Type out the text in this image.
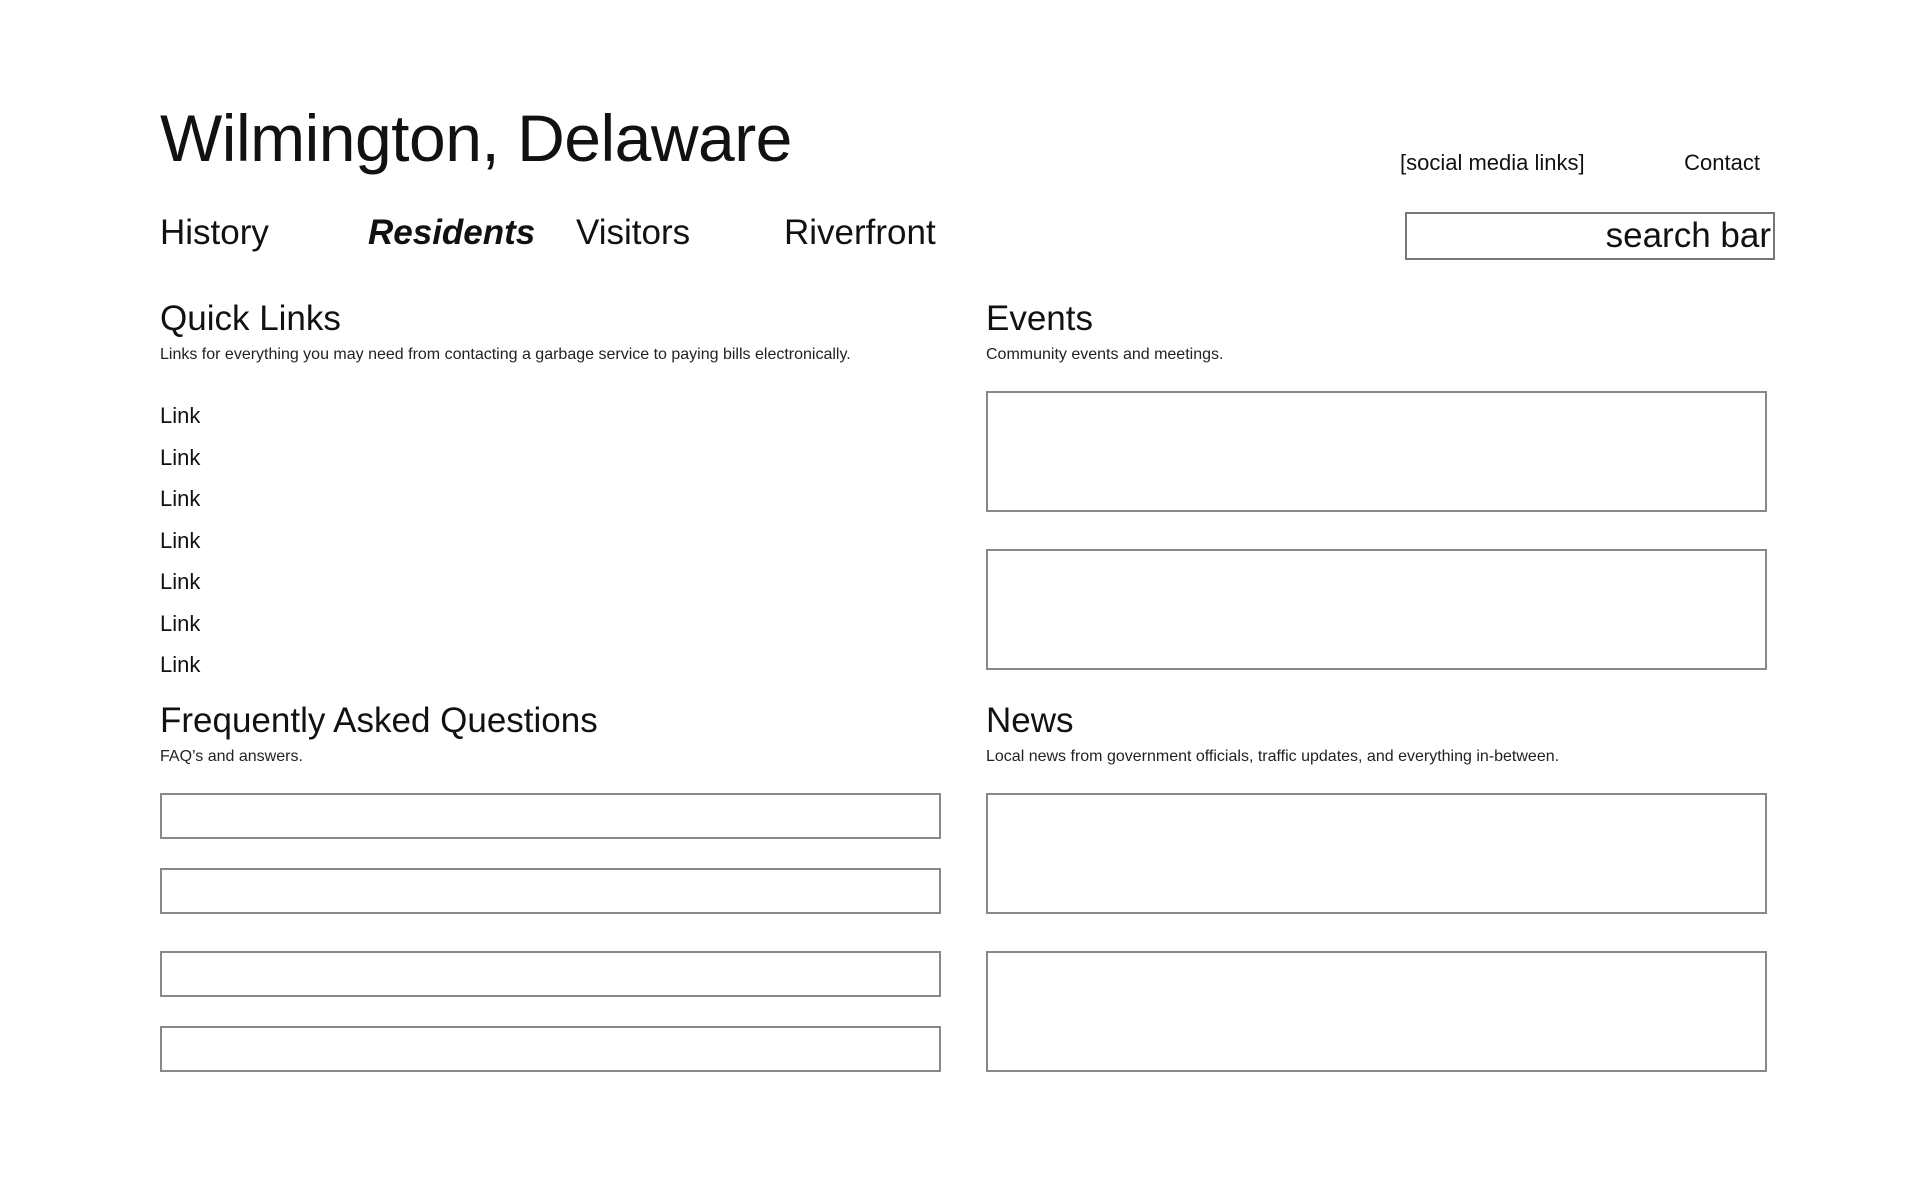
Wilmington, Delaware	[social media links]	Contact
History	Residents Visitors	Riverfront
search bar
Quick Links
Links for everything you may need from contacting a garbage service to paying bills electronically.
Link
Link
Link
Link
Link
Link
Link
Events
Community events and meetings.
Frequently Asked Questions
FAQ’s and answers.
News
Local news from government officials, traffic updates, and everything in-between.
